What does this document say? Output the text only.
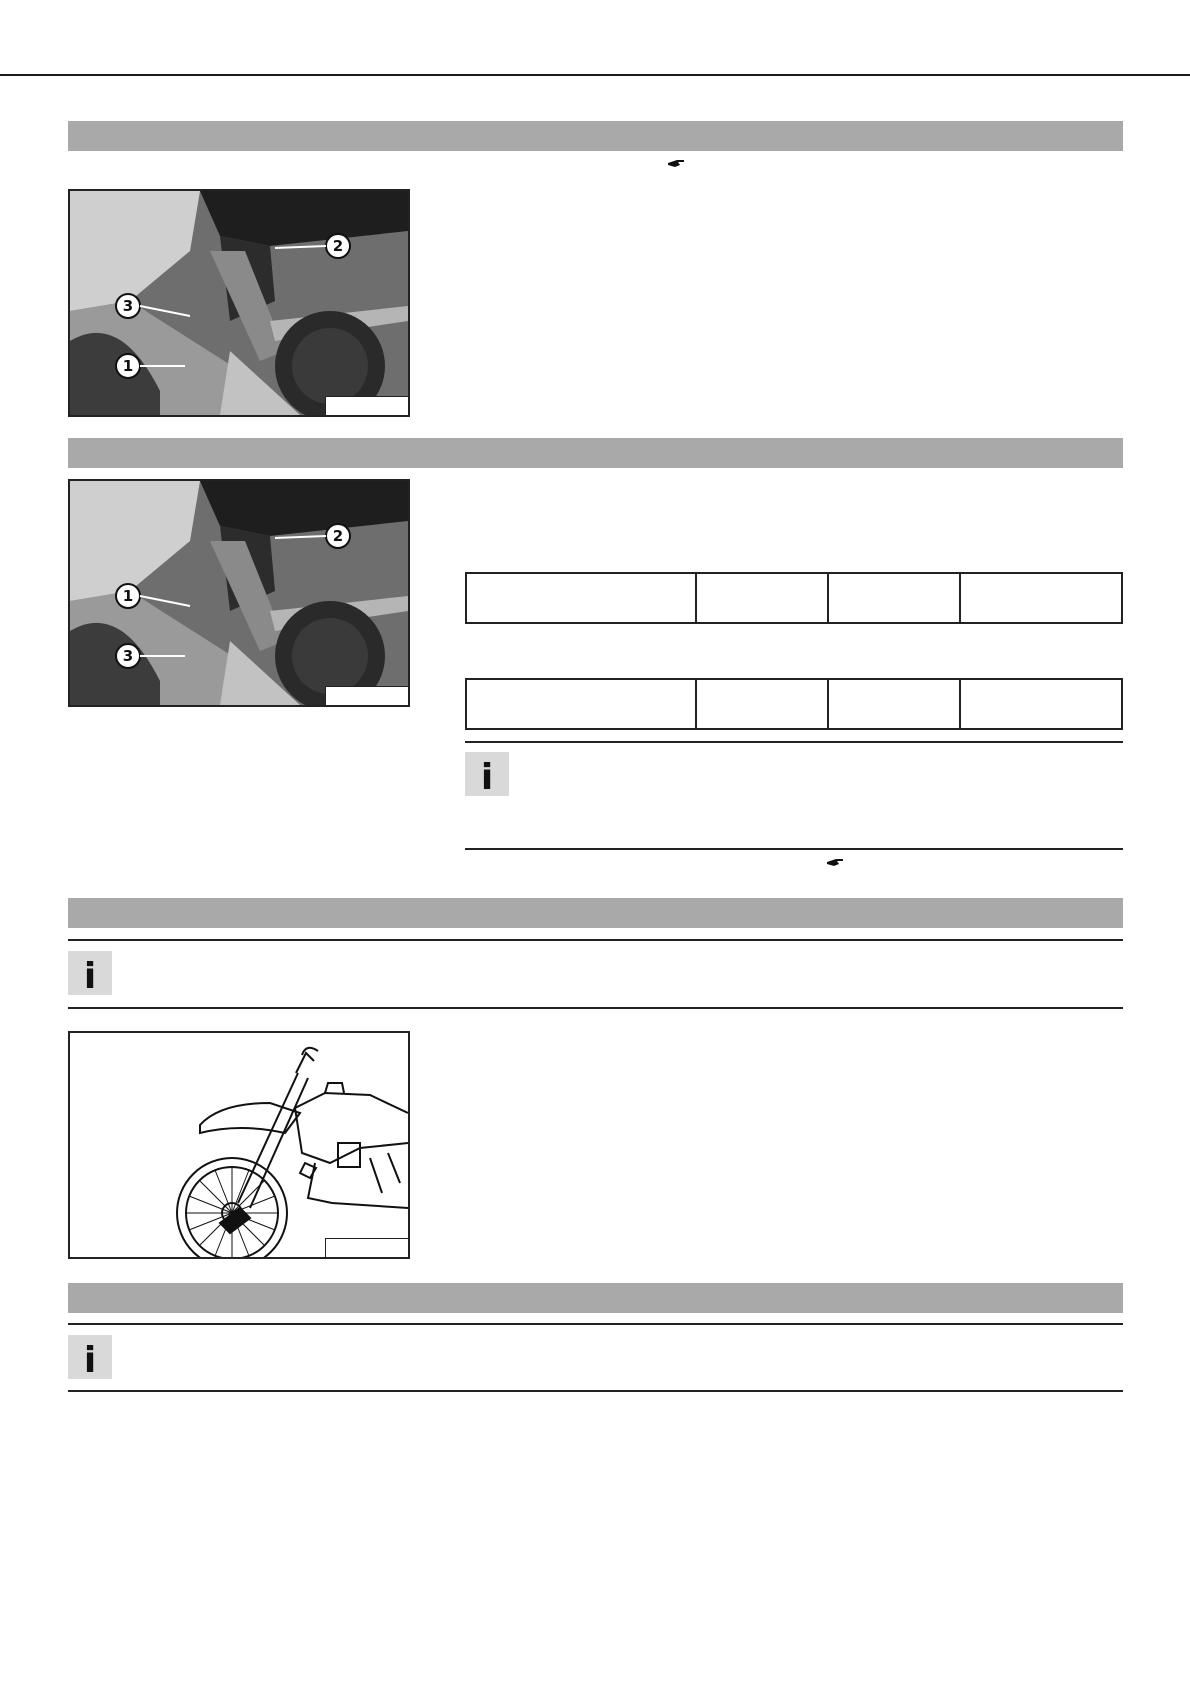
2
3
1
2
1
3

i
i
i
